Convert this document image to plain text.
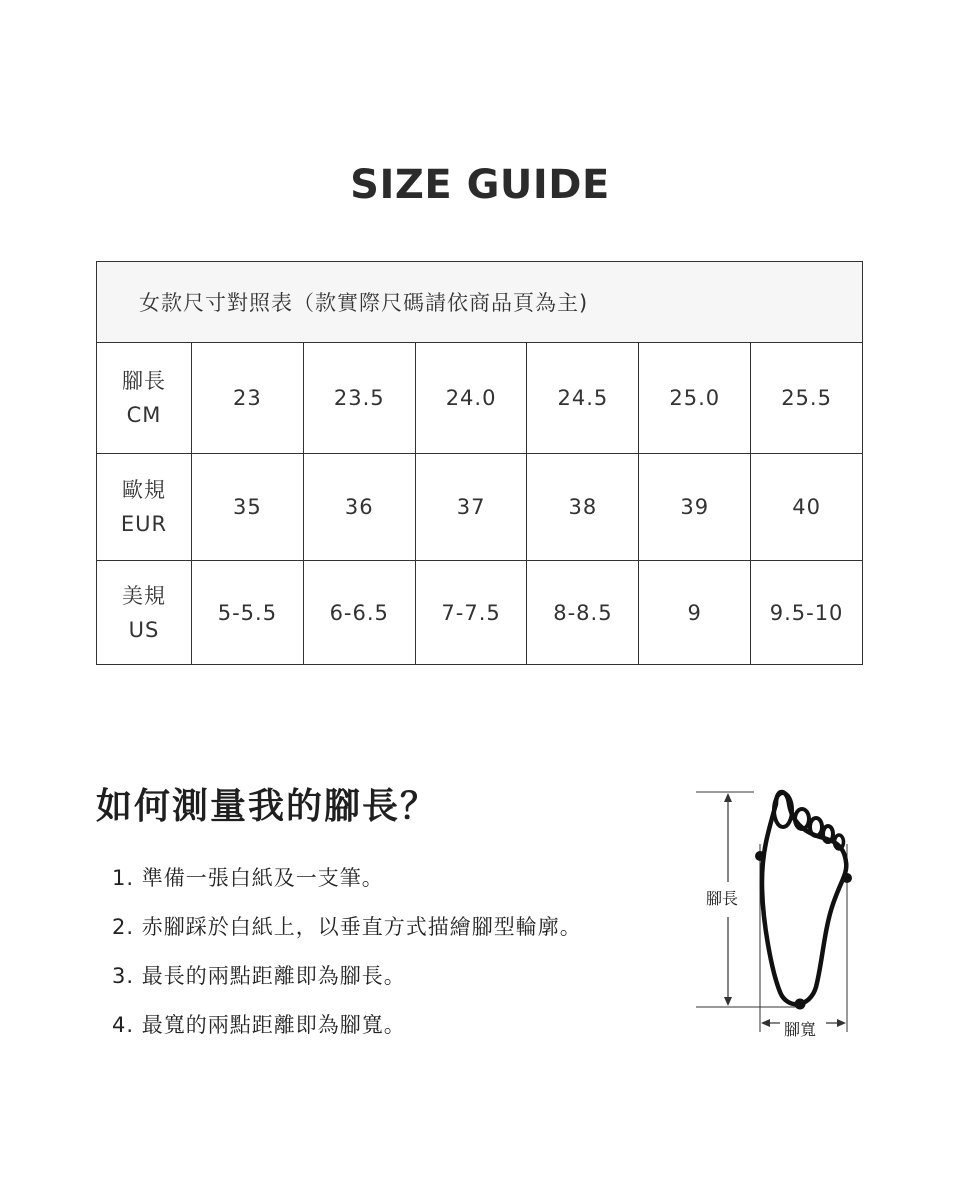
SIZE GUIDE
女款尺寸對照表（款實際尺碼請依商品頁為主)						

腳長
CM	23	23.5	24.0	24.5	25.0	25.5

歐規
EUR	35	36	37	38	39	40

美規
US	5-5.5	6-6.5	7-7.5	8-8.5	9	9.5-10
如何測量我的腳長？
1. 準備一張白紙及一支筆。
2. 赤腳踩於白紙上，以垂直方式描繪腳型輪廓。
3. 最長的兩點距離即為腳長。
4. 最寬的兩點距離即為腳寬。
腳長
腳寬
